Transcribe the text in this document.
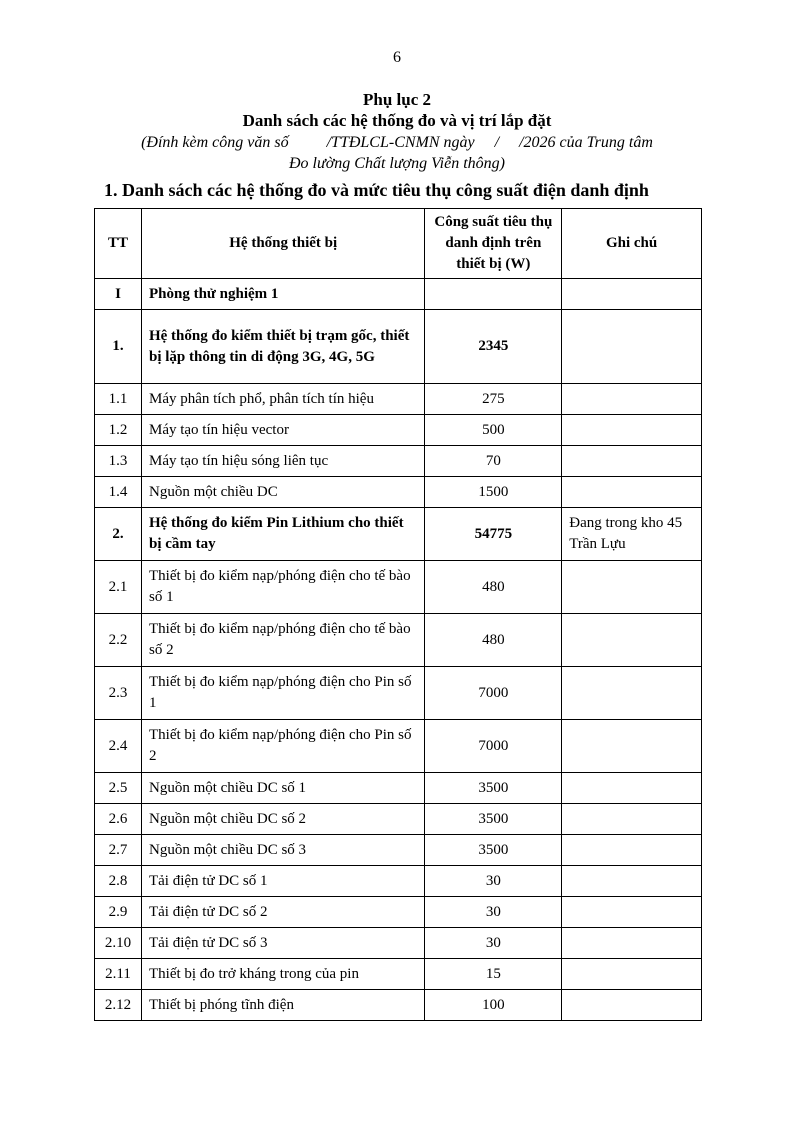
6
Phụ lục 2
Danh sách các hệ thống đo và vị trí lắp đặt
(Đính kèm công văn số /TTĐLCL-CNMN ngày / /2026 của Trung tâm
Đo lường Chất lượng Viễn thông)
1. Danh sách các hệ thống đo và mức tiêu thụ công suất điện danh định
TT	Hệ thống thiết bị	Công suất tiêu thụ danh định trên thiết bị (W)	Ghi chú
I	Phòng thử nghiệm 1		
1.	Hệ thống đo kiểm thiết bị trạm gốc, thiết bị lặp thông tin di động 3G, 4G, 5G	2345	
1.1	Máy phân tích phổ, phân tích tín hiệu	275	
1.2	Máy tạo tín hiệu vector	500	
1.3	Máy tạo tín hiệu sóng liên tục	70	
1.4	Nguồn một chiều DC	1500	
2.	Hệ thống đo kiểm Pin Lithium cho thiết bị cầm tay	54775	Đang trong kho 45 Trần Lựu
2.1	Thiết bị đo kiểm nạp/phóng điện cho tế bào số 1	480	
2.2	Thiết bị đo kiểm nạp/phóng điện cho tế bào số 2	480	
2.3	Thiết bị đo kiểm nạp/phóng điện cho Pin số 1	7000	
2.4	Thiết bị đo kiểm nạp/phóng điện cho Pin số 2	7000	
2.5	Nguồn một chiều DC số 1	3500	
2.6	Nguồn một chiều DC số 2	3500	
2.7	Nguồn một chiều DC số 3	3500	
2.8	Tải điện tử DC số 1	30	
2.9	Tải điện tử DC số 2	30	
2.10	Tải điện tử DC số 3	30	
2.11	Thiết bị đo trở kháng trong của pin	15	
2.12	Thiết bị phóng tĩnh điện	100	
